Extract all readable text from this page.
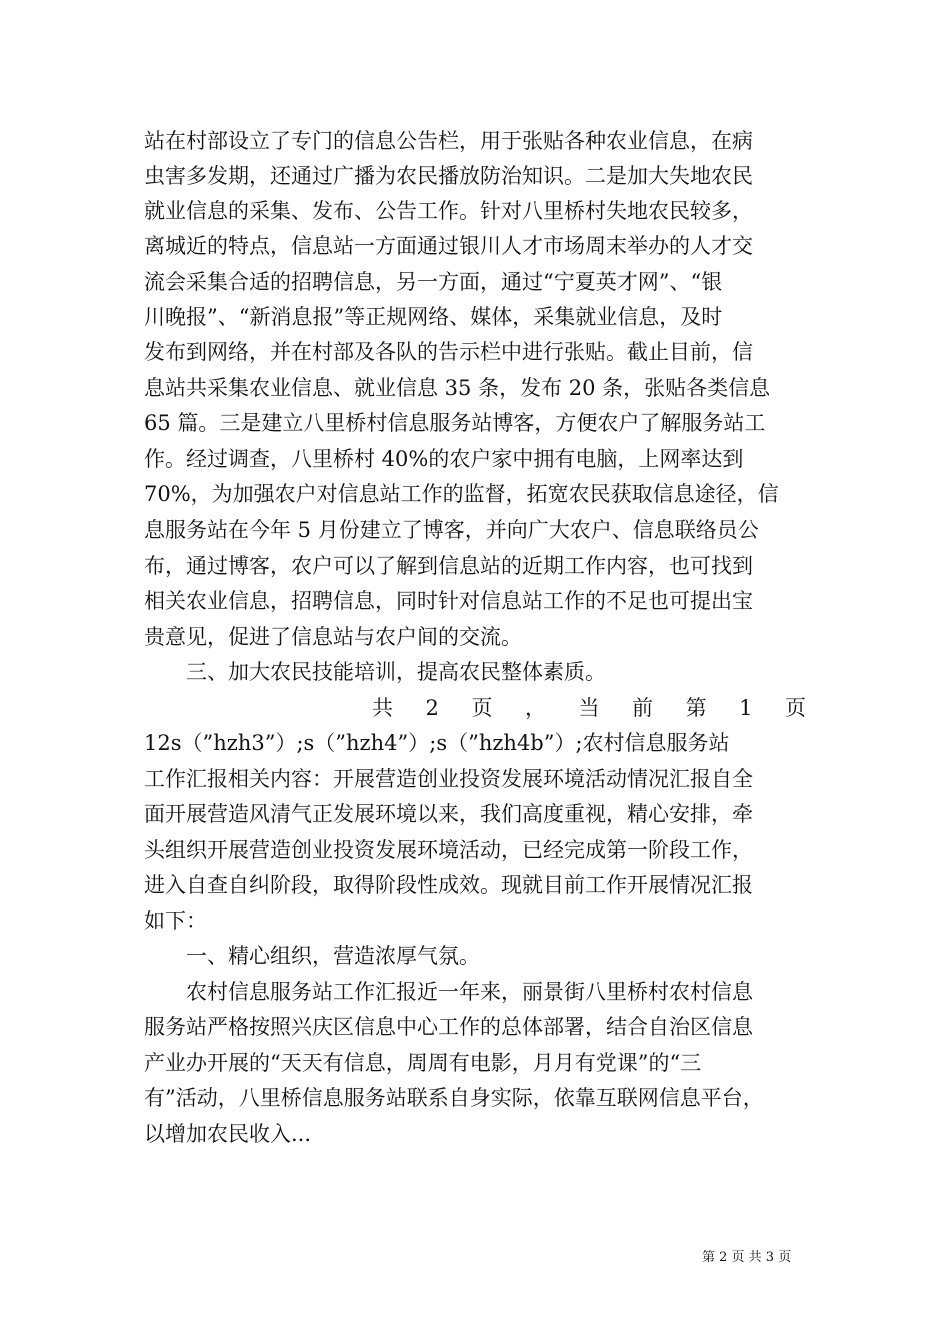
站在村部设立了专门的信息公告栏，用于张贴各种农业信息，在病
虫害多发期，还通过广播为农民播放防治知识。二是加大失地农民
就业信息的采集、发布、公告工作。针对八里桥村失地农民较多，
离城近的特点，信息站一方面通过银川人才市场周末举办的人才交
流会采集合适的招聘信息，另一方面，通过“宁夏英才网”、“银
川晚报”、“新消息报”等正规网络、媒体，采集就业信息，及时
发布到网络，并在村部及各队的告示栏中进行张贴。截止目前，信
息站共采集农业信息、就业信息 35 条，发布 20 条，张贴各类信息
65 篇。三是建立八里桥村信息服务站博客，方便农户了解服务站工
作。经过调查，八里桥村 40%的农户家中拥有电脑，上网率达到
70%，为加强农户对信息站工作的监督，拓宽农民获取信息途径，信
息服务站在今年 5 月份建立了博客，并向广大农户、信息联络员公
布，通过博客，农户可以了解到信息站的近期工作内容，也可找到
相关农业信息，招聘信息，同时针对信息站工作的不足也可提出宝
贵意见，促进了信息站与农户间的交流。
三、加大农民技能培训，提高农民整体素质。
共 2 页 ， 当 前 第 1 页
12s（”hzh3”）;s（”hzh4”）;s（”hzh4b”）;农村信息服务站
工作汇报相关内容：开展营造创业投资发展环境活动情况汇报自全
面开展营造风清气正发展环境以来，我们高度重视，精心安排，牵
头组织开展营造创业投资发展环境活动，已经完成第一阶段工作，
进入自查自纠阶段，取得阶段性成效。现就目前工作开展情况汇报
如下：
一、精心组织，营造浓厚气氛。
农村信息服务站工作汇报近一年来，丽景街八里桥村农村信息
服务站严格按照兴庆区信息中心工作的总体部署，结合自治区信息
产业办开展的“天天有信息，周周有电影，月月有党课”的“三
有”活动，八里桥信息服务站联系自身实际，依靠互联网信息平台，
以增加农民收入...
第 2 页 共 3 页
